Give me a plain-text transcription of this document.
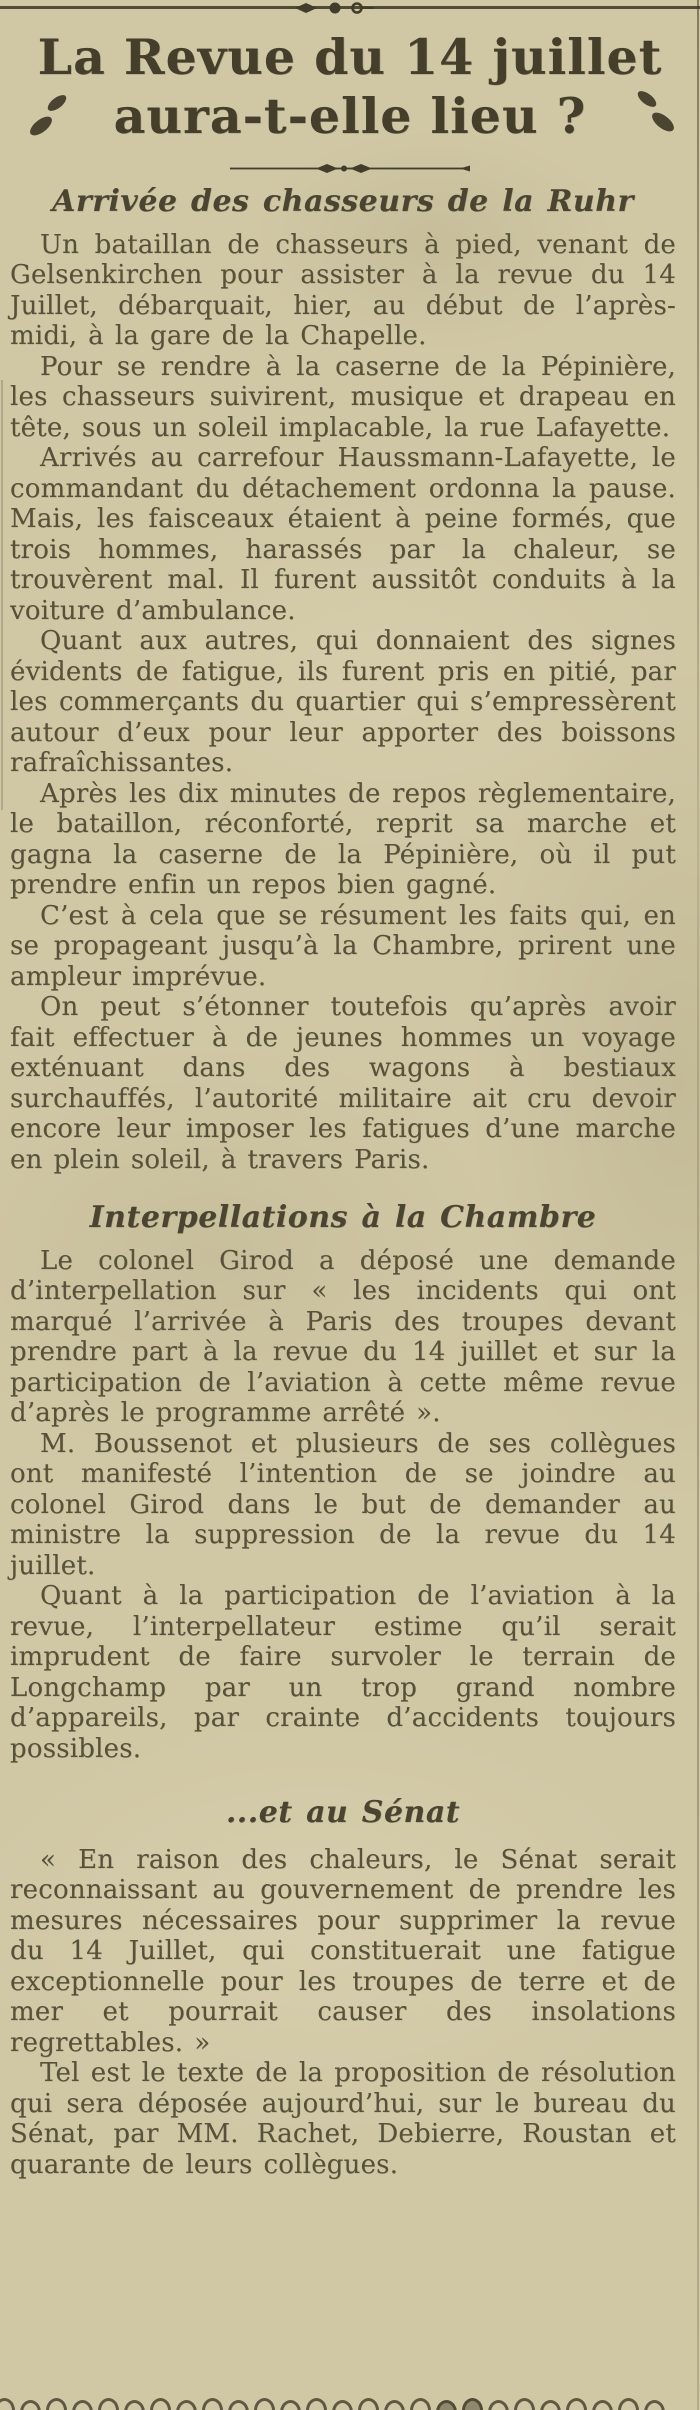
La Revue du 14 juillet
aura-t-elle lieu ?
Arrivée des chasseurs de la Ruhr

Un bataillan de chasseurs à pied, venant de Gelsenkirchen pour assister à la revue du 14 Juillet, débarquait, hier, au début de l’après-midi, à la gare de la Chapelle.

Pour se rendre à la caserne de la Pépinière, les chasseurs suivirent, musique et drapeau en tête, sous un soleil implacable, la rue Lafayette.

Arrivés au carrefour Haussmann-Lafayette, le commandant du détachement ordonna la pause. Mais, les faisceaux étaient à peine formés, que trois hommes, harassés par la chaleur, se trouvèrent mal. Il furent aussitôt conduits à la voiture d’ambulance.

Quant aux autres, qui donnaient des signes évidents de fatigue, ils furent pris en pitié, par les commerçants du quartier qui s’empressèrent autour d’eux pour leur apporter des boissons rafraîchissantes.

Après les dix minutes de repos règlementaire, le bataillon, réconforté, reprit sa marche et gagna la caserne de la Pépinière, où il put prendre enfin un repos bien gagné.

C’est à cela que se résument les faits qui, en se propageant jusqu’à la Chambre, prirent une ampleur imprévue.

On peut s’étonner toutefois qu’après avoir fait effectuer à de jeunes hommes un voyage exténuant dans des wagons à bestiaux surchauffés, l’autorité militaire ait cru devoir encore leur imposer les fatigues d’une marche en plein soleil, à travers Paris.

Interpellations à la Chambre

Le colonel Girod a déposé une demande d’interpellation sur « les incidents qui ont marqué l’arrivée à Paris des troupes devant prendre part à la revue du 14 juillet et sur la participation de l’aviation à cette même revue d’après le programme arrêté ».

M. Boussenot et plusieurs de ses collègues ont manifesté l’intention de se joindre au colonel Girod dans le but de demander au ministre la suppression de la revue du 14 juillet.

Quant à la participation de l’aviation à la revue, l’interpellateur estime qu’il serait imprudent de faire survoler le terrain de Longchamp par un trop grand nombre d’appareils, par crainte d’accidents toujours possibles.

...et au Sénat

« En raison des chaleurs, le Sénat serait reconnaissant au gouvernement de prendre les mesures nécessaires pour supprimer la revue du 14 Juillet, qui constituerait une fatigue exceptionnelle pour les troupes de terre et de mer et pourrait causer des insolations regrettables. »

Tel est le texte de la proposition de résolution qui sera déposée aujourd’hui, sur le bureau du Sénat, par MM. Rachet, Debierre, Roustan et quarante de leurs collègues.
